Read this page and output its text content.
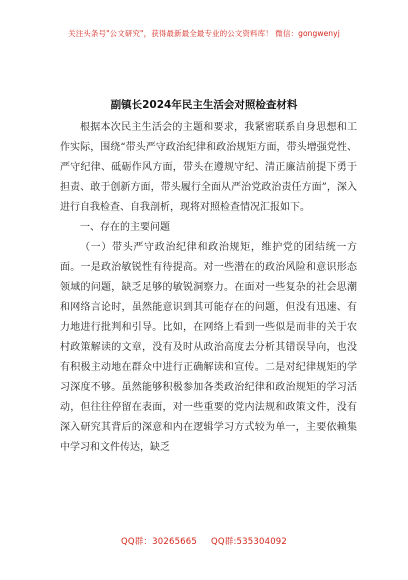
关注头条号"公文研究"，获得最新最全最专业的公文资料库！ 微信：gongwenyj
副镇长2024年民主生活会对照检查材料

根据本次民主生活会的主题和要求，我紧密联系自身思想和工作实际，围绕“带头严守政治纪律和政治规矩方面，带头增强党性、严守纪律、砥砺作风方面，带头在遵规守纪、清正廉洁前提下勇于担责、敢于创新方面，带头履行全面从严治党政治责任方面”，深入进行自我检查、自我剖析，现将对照检查情况汇报如下。

一、存在的主要问题

（一）带头严守政治纪律和政治规矩，维护党的团结统一方面。一是政治敏锐性有待提高。对一些潜在的政治风险和意识形态领域的问题，缺乏足够的敏锐洞察力。在面对一些复杂的社会思潮和网络言论时，虽然能意识到其可能存在的问题，但没有迅速、有力地进行批判和引导。比如，在网络上看到一些似是而非的关于农村政策解读的文章，没有及时从政治高度去分析其错误导向，也没有积极主动地在群众中进行正确解读和宣传。二是对纪律规矩的学习深度不够。虽然能够积极参加各类政治纪律和政治规矩的学习活动，但往往停留在表面，对一些重要的党内法规和政策文件，没有深入研究其背后的深意和内在逻辑学习方式较为单一，主要依赖集中学习和文件传达，缺乏

QQ群：30265665 QQ群:535304092
